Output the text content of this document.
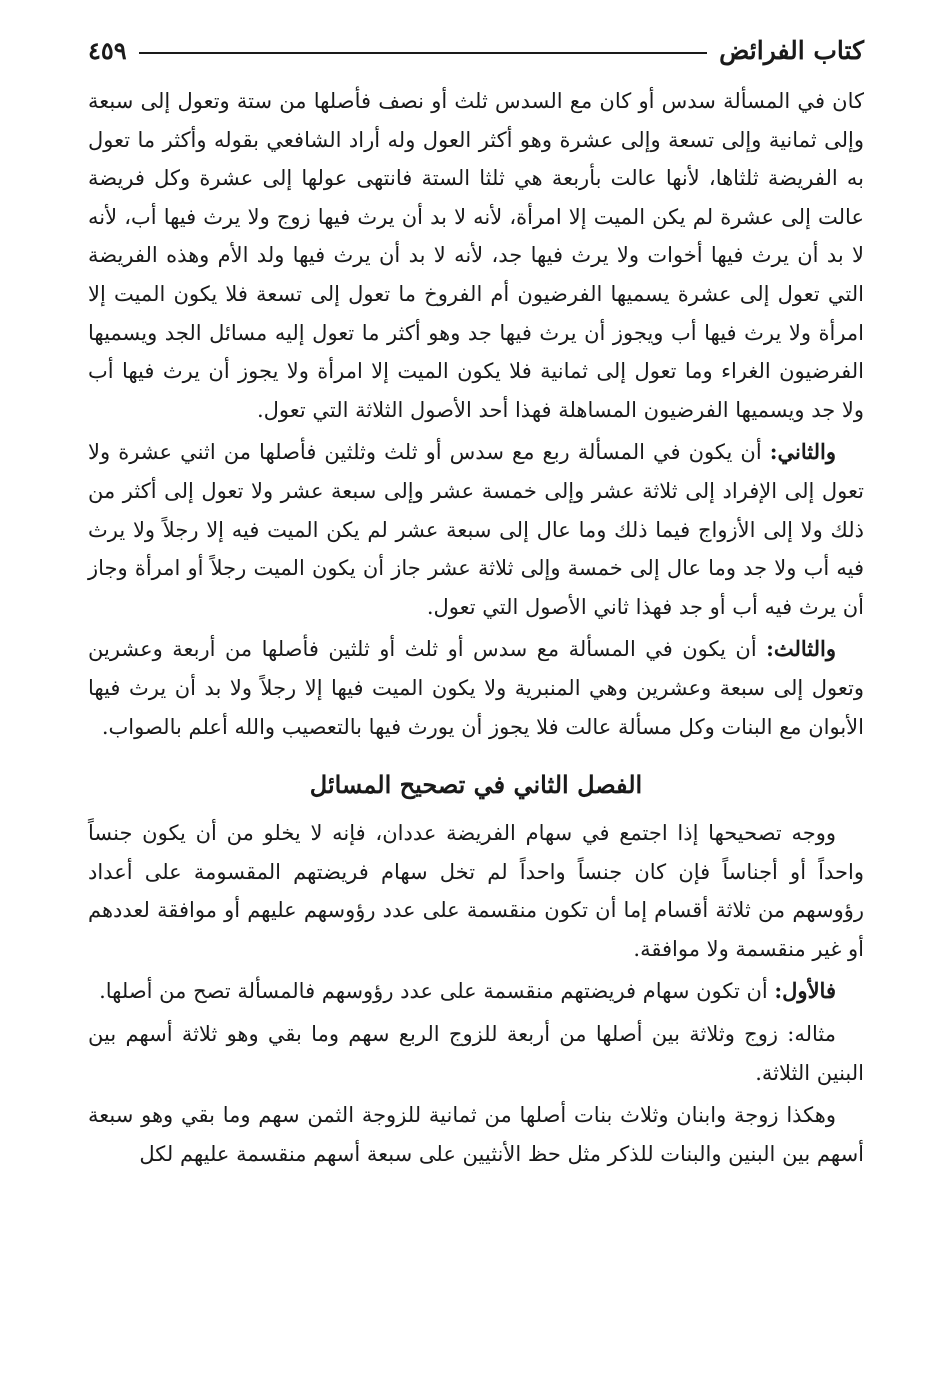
كتاب الفرائض
٤٥٩

كان في المسألة سدس أو كان مع السدس ثلث أو نصف فأصلها من ستة وتعول إلى سبعة وإلى ثمانية وإلى تسعة وإلى عشرة وهو أكثر العول وله أراد الشافعي بقوله وأكثر ما تعول به الفريضة ثلثاها، لأنها عالت بأربعة هي ثلثا الستة فانتهى عولها إلى عشرة وكل فريضة عالت إلى عشرة لم يكن الميت إلا امرأة، لأنه لا بد أن يرث فيها زوج ولا يرث فيها أب، لأنه لا بد أن يرث فيها أخوات ولا يرث فيها جد، لأنه لا بد أن يرث فيها ولد الأم وهذه الفريضة التي تعول إلى عشرة يسميها الفرضيون أم الفروخ ما تعول إلى تسعة فلا يكون الميت إلا امرأة ولا يرث فيها أب ويجوز أن يرث فيها جد وهو أكثر ما تعول إليه مسائل الجد ويسميها الفرضيون الغراء وما تعول إلى ثمانية فلا يكون الميت إلا امرأة ولا يجوز أن يرث فيها أب ولا جد ويسميها الفرضيون المساهلة فهذا أحد الأصول الثلاثة التي تعول.

والثاني: أن يكون في المسألة ربع مع سدس أو ثلث وثلثين فأصلها من اثني عشرة ولا تعول إلى الإفراد إلى ثلاثة عشر وإلى خمسة عشر وإلى سبعة عشر ولا تعول إلى أكثر من ذلك ولا إلى الأزواج فيما ذلك وما عال إلى سبعة عشر لم يكن الميت فيه إلا رجلاً ولا يرث فيه أب ولا جد وما عال إلى خمسة وإلى ثلاثة عشر جاز أن يكون الميت رجلاً أو امرأة وجاز أن يرث فيه أب أو جد فهذا ثاني الأصول التي تعول.

والثالث: أن يكون في المسألة مع سدس أو ثلث أو ثلثين فأصلها من أربعة وعشرين وتعول إلى سبعة وعشرين وهي المنبرية ولا يكون الميت فيها إلا رجلاً ولا بد أن يرث فيها الأبوان مع البنات وكل مسألة عالت فلا يجوز أن يورث فيها بالتعصيب والله أعلم بالصواب.

الفصل الثاني في تصحيح المسائل

ووجه تصحيحها إذا اجتمع في سهام الفريضة عددان، فإنه لا يخلو من أن يكون جنساً واحداً أو أجناساً فإن كان جنساً واحداً لم تخل سهام فريضتهم المقسومة على أعداد رؤوسهم من ثلاثة أقسام إما أن تكون منقسمة على عدد رؤوسهم عليهم أو موافقة لعددهم أو غير منقسمة ولا موافقة.

فالأول: أن تكون سهام فريضتهم منقسمة على عدد رؤوسهم فالمسألة تصح من أصلها.

مثاله: زوج وثلاثة بين أصلها من أربعة للزوج الربع سهم وما بقي وهو ثلاثة أسهم بين البنين الثلاثة.

وهكذا زوجة وابنان وثلاث بنات أصلها من ثمانية للزوجة الثمن سهم وما بقي وهو سبعة أسهم بين البنين والبنات للذكر مثل حظ الأنثيين على سبعة أسهم منقسمة عليهم لكل
